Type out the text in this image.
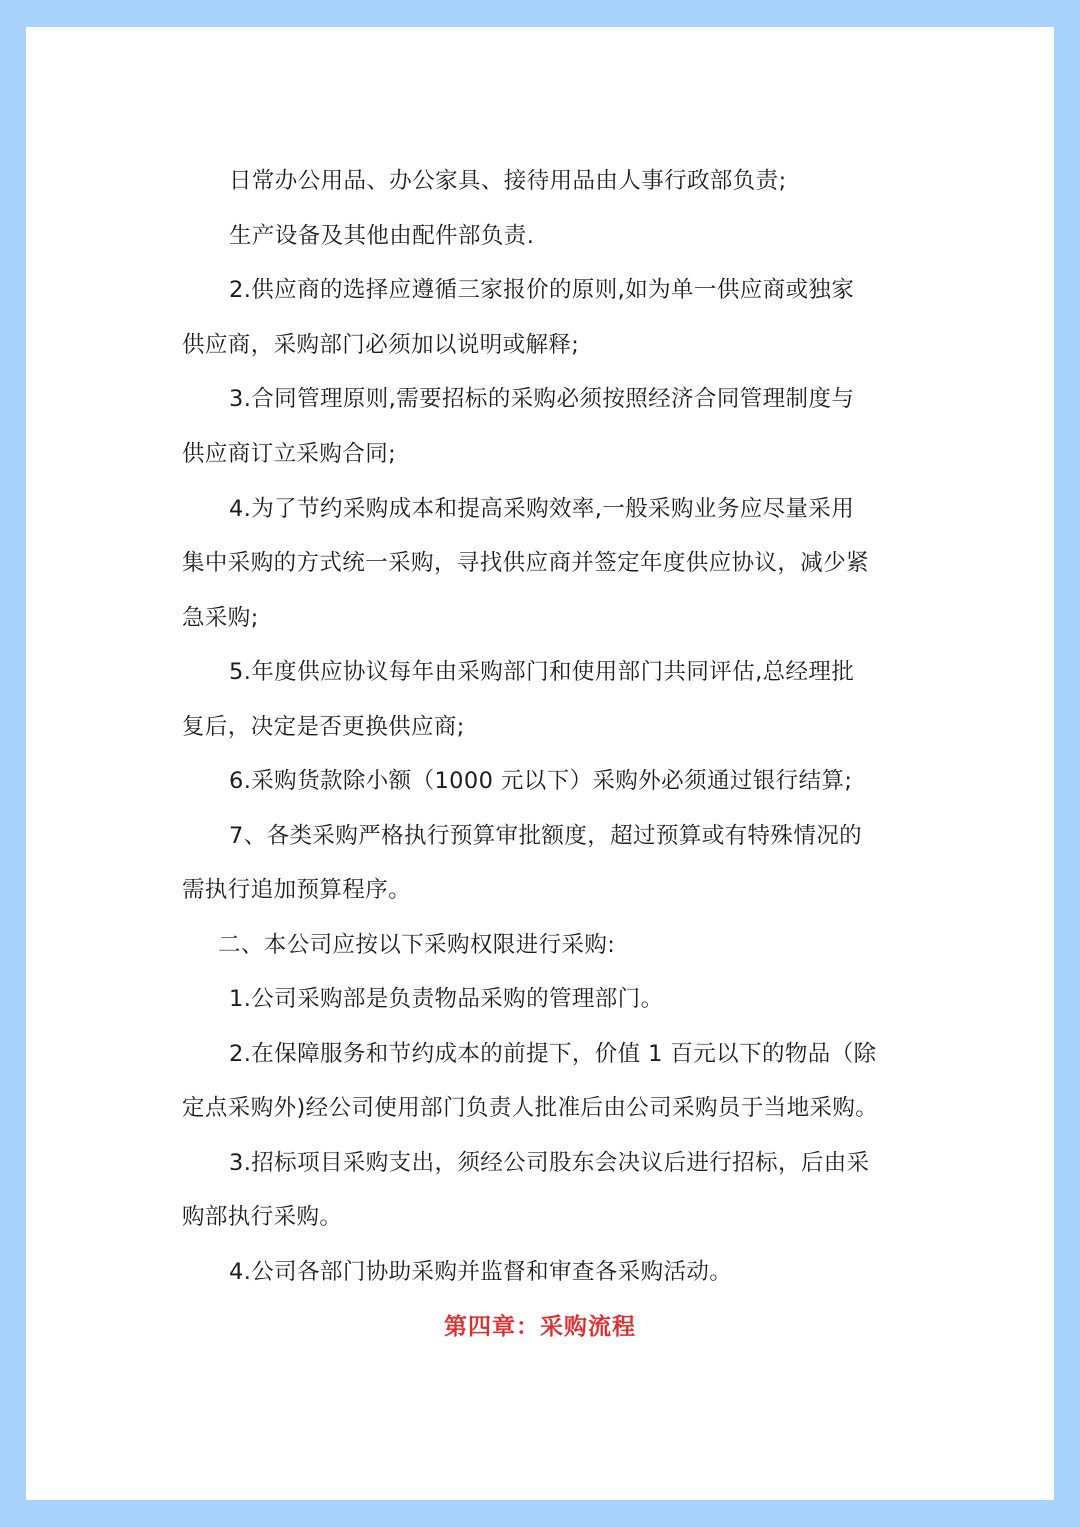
日常办公用品、办公家具、接待用品由人事行政部负责;
生产设备及其他由配件部负责.
2.供应商的选择应遵循三家报价的原则,如为单一供应商或独家
供应商，采购部门必须加以说明或解释;
3.合同管理原则,需要招标的采购必须按照经济合同管理制度与
供应商订立采购合同;
4.为了节约采购成本和提高采购效率,一般采购业务应尽量采用
集中采购的方式统一采购，寻找供应商并签定年度供应协议，减少紧
急采购;
5.年度供应协议每年由采购部门和使用部门共同评估,总经理批
复后，决定是否更换供应商;
6.采购货款除小额（1000 元以下）采购外必须通过银行结算;
7、各类采购严格执行预算审批额度，超过预算或有特殊情况的
需执行追加预算程序。
二、本公司应按以下采购权限进行采购:
1.公司采购部是负责物品采购的管理部门。
2.在保障服务和节约成本的前提下，价值 1 百元以下的物品（除
定点采购外)经公司使用部门负责人批准后由公司采购员于当地采购。
3.招标项目采购支出，须经公司股东会决议后进行招标，后由采
购部执行采购。
4.公司各部门协助采购并监督和审查各采购活动。
第四章：采购流程
